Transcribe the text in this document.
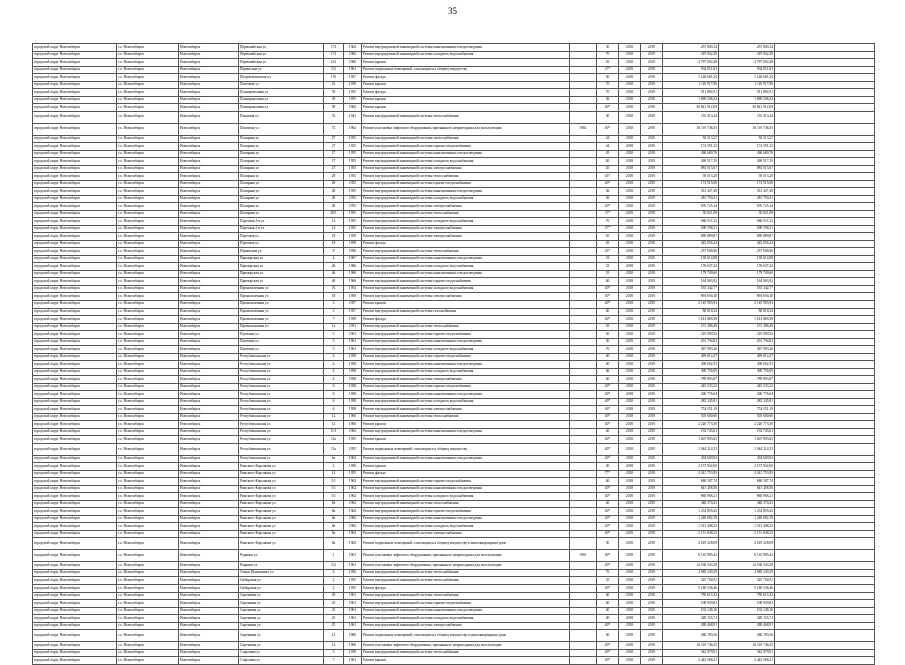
35
городской округ Новосибирск	г.о. Новосибирск	Новосибирск	Первомайская ул	172	1962	Ремонт внутридомовой инженерной системы канализования и водоотведения		30	2018	2019	237 800,14	237 800,14	
городской округ Новосибирск	г.о. Новосибирск	Новосибирск	Первомайская ул	172	1962	Ремонт внутридомовой инженерной системы холодного водоснабжения		70	2018	2019	419 952,29	419 952,29	
городской округ Новосибирск	г.о. Новосибирск	Новосибирск	Первомайская ул	212	1960	Ремонт крыши		45	2018	2019	4 797 692,49	4 797 692,49	
городской округ Новосибирск	г.о. Новосибирск	Новосибирск	Пермитина ул	3/2	1961	Ремонт подвальных помещений, относящихся к общему имуществу		47*	2018	2019	934 811,81	934 811,81	
городской округ Новосибирск	г.о. Новосибирск	Новосибирск	Петропавловская ул	176	1957	Ремонт фасада		30	2018	2019	1 148 681,24	1 148 681,24	
городской округ Новосибирск	г.о. Новосибирск	Новосибирск	Пихтовая ул	23	1959	Ремонт крыши		70	2018	2019	1 110 917,86	1 110 917,86	
городской округ Новосибирск	г.о. Новосибирск	Новосибирск	Планировочная ул	39	1955	Ремонт фасада		70	2018	2019	911 882,91	911 882,91	
городской округ Новосибирск	г.о. Новосибирск	Новосибирск	Планировочная ул	39	1955	Ремонт крыши		36	2018	2019	1 869 506,54	1 869 506,54	
городской округ Новосибирск	г.о. Новосибирск	Новосибирск	Планировочная ул	58	1962	Ремонт крыши		40*	2018	2019	20 821 912,09	20 821 912,09	
городской округ Новосибирск	г.о. Новосибирск	Новосибирск	Покатная ул	33	1941	Ремонт внутридомовой инженерной системы теплоснабжения		30	2018	2019	116 313,44	116 313,44	
городской округ Новосибирск	г.о. Новосибирск	Новосибирск	Покатная ул	72	1962	Ремонт или замена лифтового оборудования, признанного непригодным для эксплуатации	1961	40*	2018	2019	16 110 746,55	16 110 746,55	
городской округ Новосибирск	г.о. Новосибирск	Новосибирск	Полярная ул	27	1955	Ремонт внутридомовой инженерной системы теплоснабжения		44	2018	2019	50 513,27	50 513,27	
городской округ Новосибирск	г.о. Новосибирск	Новосибирск	Полярная ул	27	1955	Ремонт внутридомовой инженерной системы горячего водоснабжения		44	2018	2019	174 591,32	174 591,32	
городской округ Новосибирск	г.о. Новосибирск	Новосибирск	Полярная ул	27	1955	Ремонт внутридомовой инженерной системы канализования и водоотведения		45	2018	2019	360 680,76	360 680,76	
городской округ Новосибирск	г.о. Новосибирск	Новосибирск	Полярная ул	27	1955	Ремонт внутридомовой инженерной системы холодного водоснабжения		40	2018	2019	269 517,19	269 517,19	
городской округ Новосибирск	г.о. Новосибирск	Новосибирск	Полярная ул	27	1955	Ремонт внутридомовой инженерной системы электроснабжения		45	2018	2019	883 615,67	883 615,67	
городской округ Новосибирск	г.о. Новосибирск	Новосибирск	Полярная ул	28	1955	Ремонт внутридомовой инженерной системы теплоснабжения		43*	2018	2019	50 513,28	50 513,28	
городской округ Новосибирск	г.о. Новосибирск	Новосибирск	Полярная ул	28	1955	Ремонт внутридомовой инженерной системы горячего водоснабжения		40*	2018	2019	174 915,08	174 915,08	
городской округ Новосибирск	г.о. Новосибирск	Новосибирск	Полярная ул	28	1955	Ремонт внутридомовой инженерной системы канализования и водоотведения		36	2018	2019	351 427,49	351 427,49	
городской округ Новосибирск	г.о. Новосибирск	Новосибирск	Полярная ул	28	1955	Ремонт внутридомовой инженерной системы холодного водоснабжения		36	2018	2019	281 750,41	281 750,41	
городской округ Новосибирск	г.о. Новосибирск	Новосибирск	Полярная ул	28	1955	Ремонт внутридомовой инженерной системы электроснабжения		40*	2018	2019	676 725,14	676 725,14	
городской округ Новосибирск	г.о. Новосибирск	Новосибирск	Полярная ул	28/1	1955	Ремонт внутридомовой инженерной системы теплоснабжения		37*	2018	2019	50 821,08	50 821,08	
городской округ Новосибирск	г.о. Новосибирск	Новосибирск	Портовая 2-я ул	14	1955	Ремонт внутридомовой инженерной системы холодного водоснабжения		70	2018	2019	660 511,23	660 511,23	
городской округ Новосибирск	г.о. Новосибирск	Новосибирск	Портовая 2-я ул	14	1955	Ремонт внутридомовой инженерной системы электроснабжения		57*	2018	2019	508 598,21	508 598,21	
городской округ Новосибирск	г.о. Новосибирск	Новосибирск	Портовая ул	18	1959	Ремонт внутридомовой инженерной системы электроснабжения		65	2018	2019	890 889,87	890 889,87	
городской округ Новосибирск	г.о. Новосибирск	Новосибирск	Портовая ул	18	1959	Ремонт фасада		65	2018	2019	445 056,24	445 056,24	
городской округ Новосибирск	г.о. Новосибирск	Новосибирск	Пермитина ул	8	1956	Ремонт внутридомовой инженерной системы теплоснабжения		43*	2018	2019	257 606,96	257 606,96	
городской округ Новосибирск	г.о. Новосибирск	Новосибирск	Приморская ул	4	1967	Ремонт внутридомовой инженерной системы канализования и водоотведения		33	2018	2019	158 614,88	158 614,88	
городской округ Новосибирск	г.о. Новосибирск	Новосибирск	Приморская ул	46	1966	Ремонт внутридомовой инженерной системы холодного водоснабжения		33	2018	2019	159 637,42	159 637,42	
городской округ Новосибирск	г.о. Новосибирск	Новосибирск	Приморская ул	46	1966	Ремонт внутридомовой инженерной системы канализования и водоотведения		55	2018	2019	179 749,60	179 749,60	
городской округ Новосибирск	г.о. Новосибирск	Новосибирск	Приморская ул	46	1966	Ремонт внутридомовой инженерной системы горячего водоснабжения		40	2018	2019	164 063,92	164 063,92	
городской округ Новосибирск	г.о. Новосибирск	Новосибирск	Промышленная ул	16	1954	Ремонт внутридомовой инженерной системы холодного водоснабжения		40*	2018	2019	535 342,77	535 342,77	
городской округ Новосибирск	г.о. Новосибирск	Новосибирск	Промышленная ул	18	1958	Ремонт внутридомовой инженерной системы электроснабжения		40*	2018	2019	893 656,40	893 656,40	
городской округ Новосибирск	г.о. Новосибирск	Новосибирск	Промышленная ул	3	1957	Ремонт крыши		40*	2018	2019	2 145 903,93	2 145 903,93	
городской округ Новосибирск	г.о. Новосибирск	Новосибирск	Промышленная ул	3	1957	Ремонт внутридомовой инженерной системы газоснабжения		40	2018	2019	80 818,34	80 818,34	
городской округ Новосибирск	г.о. Новосибирск	Новосибирск	Промышленная ул	7	1959	Ремонт фасада		40*	2018	2019	1 613 883,58	1 613 883,58	
городской округ Новосибирск	г.о. Новосибирск	Новосибирск	Промышленная ул	1а	1951	Ремонт внутридомовой инженерной системы теплоснабжения		45	2018	2019	131 286,40	131 286,40	
городской округ Новосибирск	г.о. Новосибирск	Новосибирск	Пушкина ул	5	1961	Ремонт внутридомовой инженерной системы горячего водоснабжения		30	2018	2019	210 990,32	210 990,32	
городской округ Новосибирск	г.о. Новосибирск	Новосибирск	Пушкина ул	5	1961	Ремонт внутридомовой инженерной системы канализования и водоотведения		30	2018	2019	201 794,81	201 794,81	
городской округ Новосибирск	г.о. Новосибирск	Новосибирск	Пушкина ул	5	1961	Ремонт внутридомовой инженерной системы холодного водоснабжения		70	2018	2019	497 993,16	497 993,16	
городской округ Новосибирск	г.о. Новосибирск	Новосибирск	Республиканская ул	4	1958	Ремонт внутридомовой инженерной системы горячего водоснабжения		40	2018	2019	469 814,47	469 814,47	
городской округ Новосибирск	г.о. Новосибирск	Новосибирск	Республиканская ул	4	1958	Ремонт внутридомовой инженерной системы канализования и водоотведения		40	2018	2019	300 602,55	300 602,55	
городской округ Новосибирск	г.о. Новосибирск	Новосибирск	Республиканская ул	4	1958	Ремонт внутридомовой инженерной системы холодного водоснабжения		46	2018	2019	309 756,09	309 756,09	
городской округ Новосибирск	г.о. Новосибирск	Новосибирск	Республиканская ул	4	1958	Ремонт внутридомовой инженерной системы электроснабжения		40	2018	2019	789 893,87	789 893,87	
городской округ Новосибирск	г.о. Новосибирск	Новосибирск	Республиканская ул	6	1958	Ремонт внутридомовой инженерной системы горячего водоснабжения		40*	2018	2019	445 533,22	445 533,22	
городской округ Новосибирск	г.о. Новосибирск	Новосибирск	Республиканская ул	6	1958	Ремонт внутридомовой инженерной системы канализования и водоотведения		40*	2018	2019	300 776,64	300 776,64	
городской округ Новосибирск	г.о. Новосибирск	Новосибирск	Республиканская ул	6	1958	Ремонт внутридомовой инженерной системы холодного водоснабжения		40*	2018	2019	282 345,81	282 345,81	
городской округ Новосибирск	г.о. Новосибирск	Новосибирск	Республиканская ул	6	1958	Ремонт внутридомовой инженерной системы электроснабжения		46*	2018	2019	752 551,19	752 551,19	
городской округ Новосибирск	г.о. Новосибирск	Новосибирск	Республиканская ул	12	1960	Ремонт внутридомовой инженерной системы теплоснабжения		40*	2018	2019	505 600,60	505 600,60	
городской округ Новосибирск	г.о. Новосибирск	Новосибирск	Республиканская ул	12	1960	Ремонт крыши		40*	2018	2019	2 220 773,50	2 220 773,50	
городской округ Новосибирск	г.о. Новосибирск	Новосибирск	Республиканская ул	11/1	1962	Ремонт внутридомовой инженерной системы канализования и водоотведения		40	2018	2019	192 743,61	192 743,61	
городской округ Новосибирск	г.о. Новосибирск	Новосибирск	Республиканская ул	11а	1955	Ремонт крыши		40*	2018	2019	1 607 993,05	1 607 993,05	
городской округ Новосибирск	г.о. Новосибирск	Новосибирск	Республиканская ул	11а	1955	Ремонт подвальных помещений, относящихся к общему имуществу		40*	2018	2019	1 044 314,53	1 044 314,53	
городской округ Новосибирск	г.о. Новосибирск	Новосибирск	Республиканская ул	6а	1962	Ремонт внутридомовой инженерной системы канализования и водоотведения		40*	2018	2019	304 669,92	304 669,92	
городской округ Новосибирск	г.о. Новосибирск	Новосибирск	Римского-Корсакова ул	2	1958	Ремонт крыши		30	2018	2019	3 157 942,60	3 157 942,60	
городской округ Новосибирск	г.о. Новосибирск	Новосибирск	Римского-Корсакова ул	14	1955	Ремонт фасада		77*	2018	2019	3 241 753,83	3 241 753,83	
городской округ Новосибирск	г.о. Новосибирск	Новосибирск	Римского-Корсакова ул	5/1	1962	Ремонт внутридомовой инженерной системы горячего водоснабжения		40	2018	2019	686 187,74	686 187,74	
городской округ Новосибирск	г.о. Новосибирск	Новосибирск	Римского-Корсакова ул	5/1	1962	Ремонт внутридомовой инженерной системы канализования и водоотведения		40*	2018	2019	641 458,56	641 458,56	
городской округ Новосибирск	г.о. Новосибирск	Новосибирск	Римского-Корсакова ул	5/1	1962	Ремонт внутридомовой инженерной системы холодного водоснабжения		40*	2018	2019	860 968,21	860 968,21	
городской округ Новосибирск	г.о. Новосибирск	Новосибирск	Римского-Корсакова ул	8а	1962	Ремонт внутридомовой инженерной системы теплоснабжения		40	2018	2019	348 270,41	348 270,41	
городской округ Новосибирск	г.о. Новосибирск	Новосибирск	Римского-Корсакова ул	8а	1962	Ремонт внутридомовой инженерной системы горячего водоснабжения		40*	2018	2019	1 234 859,43	1 234 859,43	
городской округ Новосибирск	г.о. Новосибирск	Новосибирск	Римского-Корсакова ул	8а	1962	Ремонт внутридомовой инженерной системы канализования и водоотведения		40*	2018	2019	1 248 692,19	1 248 692,19	
городской округ Новосибирск	г.о. Новосибирск	Новосибирск	Римского-Корсакова ул	8а	1962	Ремонт внутридомовой инженерной системы холодного водоснабжения		40*	2018	2019	1 513 498,23	1 513 498,23	
городской округ Новосибирск	г.о. Новосибирск	Новосибирск	Римского-Корсакова ул	8а	1962	Ремонт внутридомовой инженерной системы электроснабжения		40*	2018	2019	2 151 848,52	2 151 848,52	
городской округ Новосибирск	г.о. Новосибирск	Новосибирск	Римского-Корсакова ул	8а	1962	Ремонт подвальных помещений, относящихся к общему имуществу в многоквартирном доме		30	2018	2019	2 619 528,69	2 619 528,69	
городской округ Новосибирск	г.о. Новосибирск	Новосибирск	Родники ул	1	1961	Ремонт или замена лифтового оборудования, признанного непригодным для эксплуатации	1961	40*	2018	2019	8 110 895,42	8 110 895,42	
городской округ Новосибирск	г.о. Новосибирск	Новосибирск	Родники ул	3/2	1961	Ремонт или замена лифтового оборудования, признанного непригодным для эксплуатации		40*	2018	2019	12 166 343,38	12 166 343,38	
городской округ Новосибирск	г.о. Новосибирск	Новосибирск	Семьи Шамшиных ул	4	1956	Ремонт внутридомовой инженерной системы теплоснабжения		76	2018	2019	2 948 349,29	2 948 349,29	
городской округ Новосибирск	г.о. Новосибирск	Новосибирск	Сибирская ул	2	1955	Ремонт внутридомовой инженерной системы теплоснабжения		25	2018	2019	325 754,91	325 754,91	
городской округ Новосибирск	г.о. Новосибирск	Новосибирск	Сибирская ул	2	1955	Ремонт фасада		40*	2018	2019	6 180 536,46	6 180 536,46	
городской округ Новосибирск	г.о. Новосибирск	Новосибирск	Сиреневая ул	29	1961	Ремонт внутридомовой инженерной системы теплоснабжения		40	2018	2019	780 615,32	780 615,32	
городской округ Новосибирск	г.о. Новосибирск	Новосибирск	Сиреневая ул	25	1961	Ремонт внутридомовой инженерной системы горячего водоснабжения		40	2018	2019	108 929,82	108 929,82	
городской округ Новосибирск	г.о. Новосибирск	Новосибирск	Сиреневая ул	25	1961	Ремонт внутридомовой инженерной системы канализования и водоотведения		40	2018	2019	192 148,16	192 148,16	
городской округ Новосибирск	г.о. Новосибирск	Новосибирск	Сиреневая ул	25	1961	Ремонт внутридомовой инженерной системы холодного водоснабжения		40	2018	2019	328 155,71	328 155,71	
городской округ Новосибирск	г.о. Новосибирск	Новосибирск	Сиреневая ул	25	1961	Ремонт внутридомовой инженерной системы электроснабжения		40*	2018	2019	288 468,91	288 468,91	
городской округ Новосибирск	г.о. Новосибирск	Новосибирск	Сиреневая ул	12	1960	Ремонт подвальных помещений, относящихся к общему имуществу в многоквартирном доме		40	2018	2019	286 783,56	286 783,56	
городской округ Новосибирск	г.о. Новосибирск	Новосибирск	Сиреневая ул	12	1960	Ремонт или замена лифтового оборудования, признанного непригодным для эксплуатации		40*	2018	2019	16 110 746,55	16 110 746,55	
городской округ Новосибирск	г.о. Новосибирск	Новосибирск	Стартовая ул	3	1959	Ремонт внутридомовой инженерной системы теплоснабжения		40*	2018	2019	342 979,61	342 979,61	
городской округ Новосибирск	г.о. Новосибирск	Новосибирск	Стартовая ул	7	1961	Ремонт крыши		40*	2018	2019	2 443 568,21	2 443 568,21	
